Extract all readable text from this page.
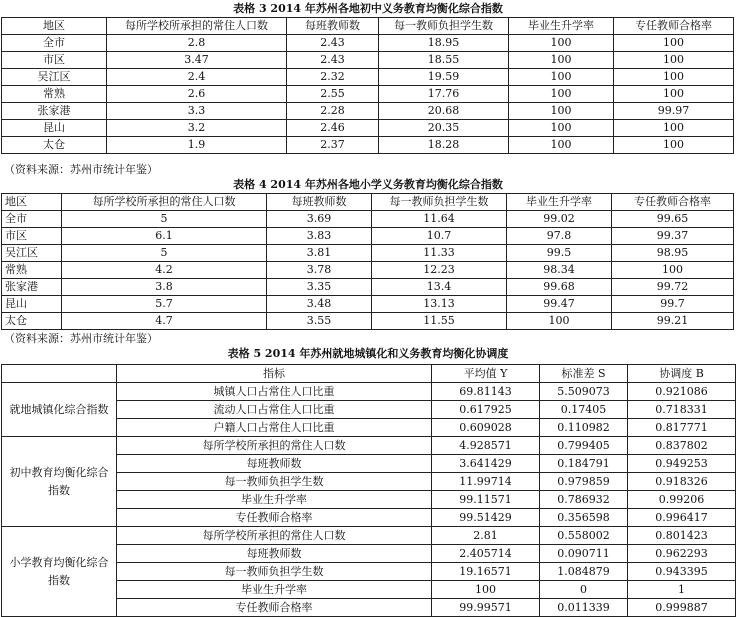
表格 3 2014 年苏州各地初中义务教育均衡化综合指数
地区	每所学校所承担的常住人口数	每班教师数	每一教师负担学生数	毕业生升学率	专任教师合格率
全市	2.8	2.43	18.95	100	100
市区	3.47	2.43	18.55	100	100
吴江区	2.4	2.32	19.59	100	100
常熟	2.6	2.55	17.76	100	100
张家港	3.3	2.28	20.68	100	99.97
昆山	3.2	2.46	20.35	100	100
太仓	1.9	2.37	18.28	100	100
（资料来源：苏州市统计年鉴）
表格 4 2014 年苏州各地小学义务教育均衡化综合指数
地区	每所学校所承担的常住人口数	每班教师数	每一教师负担学生数	毕业生升学率	专任教师合格率
全市	5	3.69	11.64	99.02	99.65
市区	6.1	3.83	10.7	97.8	99.37
吴江区	5	3.81	11.33	99.5	98.95
常熟	4.2	3.78	12.23	98.34	100
张家港	3.8	3.35	13.4	99.68	99.72
昆山	5.7	3.48	13.13	99.47	99.7
太仓	4.7	3.55	11.55	100	99.21
（资料来源：苏州市统计年鉴）
表格 5 2014 年苏州就地城镇化和义务教育均衡化协调度
	指标	平均值 Y	标准差 S	协调度 B
就地城镇化综合指数	城镇人口占常住人口比重	69.81143	5.509073	0.921086
	流动人口占常住人口比重	0.617925	0.17405	0.718331
	户籍人口占常住人口比重	0.609028	0.110982	0.817771
初中教育均衡化综合指数	每所学校所承担的常住人口数	4.928571	0.799405	0.837802
	每班教师数	3.641429	0.184791	0.949253
	每一教师负担学生数	11.99714	0.979859	0.918326
	毕业生升学率	99.11571	0.786932	0.99206
	专任教师合格率	99.51429	0.356598	0.996417
小学教育均衡化综合指数	每所学校所承担的常住人口数	2.81	0.558002	0.801423
	每班教师数	2.405714	0.090711	0.962293
	每一教师负担学生数	19.16571	1.084879	0.943395
	毕业生升学率	100	0	1
	专任教师合格率	99.99571	0.011339	0.999887
